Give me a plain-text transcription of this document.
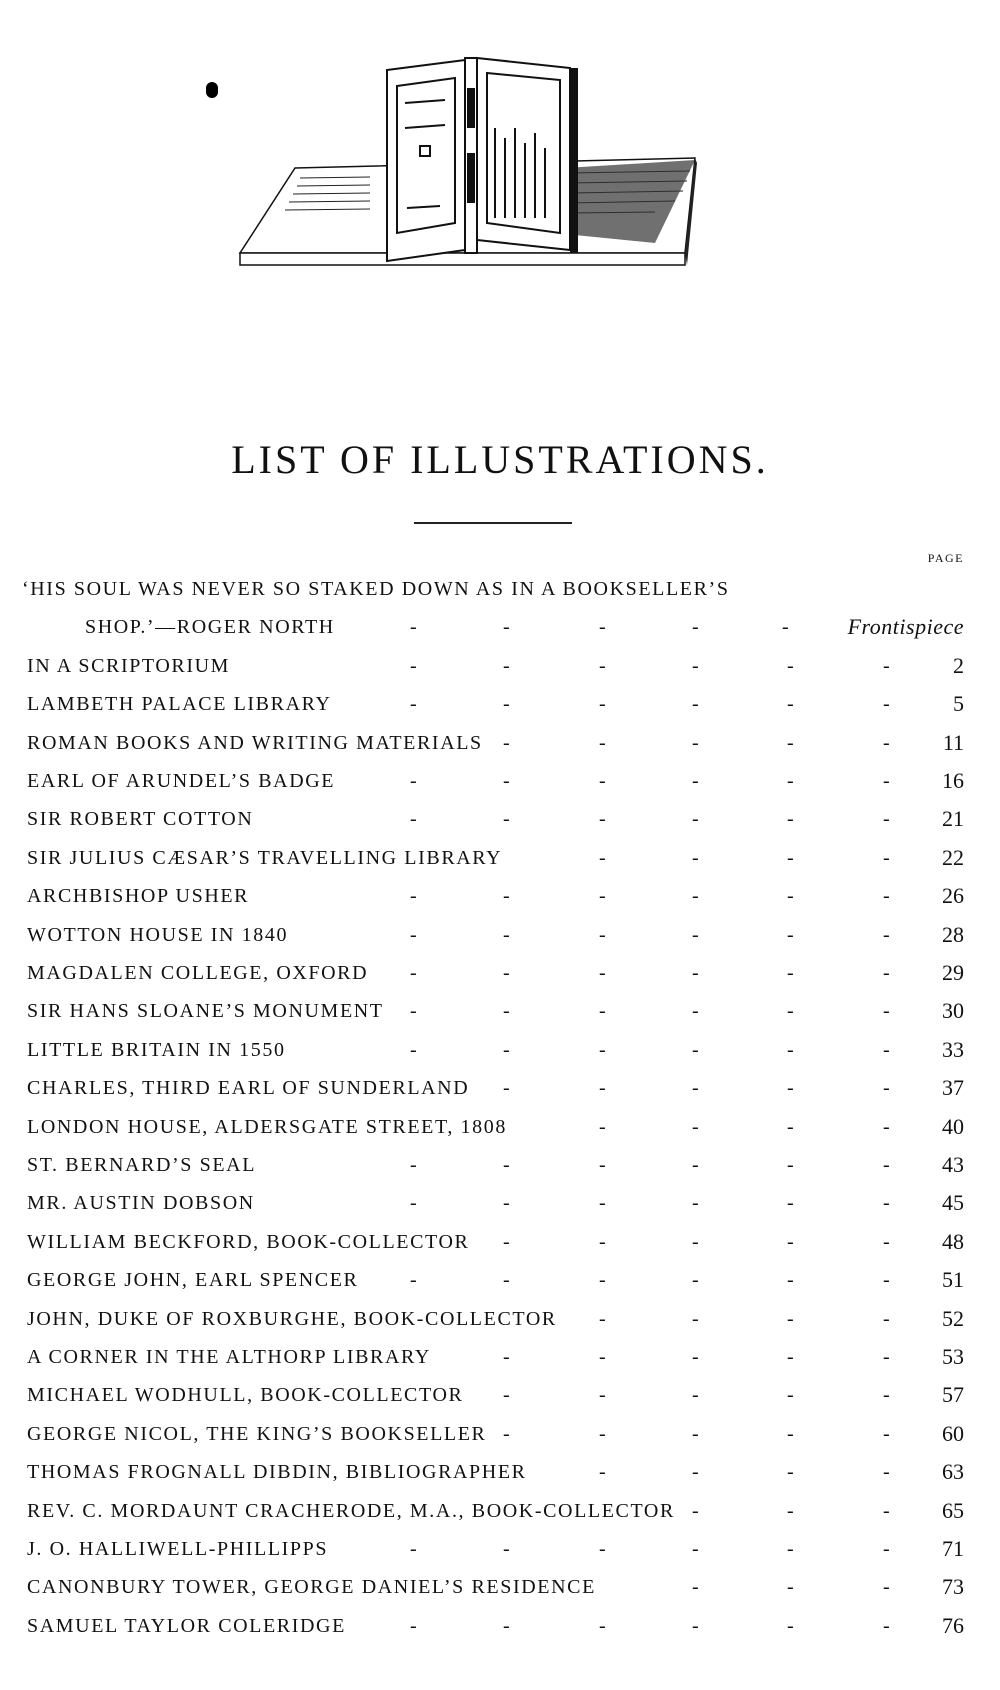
LIST OF ILLUSTRATIONS.
PAGE
‘HIS SOUL WAS NEVER SO STAKED DOWN AS IN A BOOKSELLER’S
SHOP.’—ROGER NORTH	Frontispiece
-	-	-	-	-
IN A SCRIPTORIUM	2
-	-	-	-	-	-
LAMBETH PALACE LIBRARY	5
-	-	-	-	-	-
ROMAN BOOKS AND WRITING MATERIALS	11
-	-	-	-	-
EARL OF ARUNDEL’S BADGE	16
-	-	-	-	-	-
SIR ROBERT COTTON	21
-	-	-	-	-	-
SIR JULIUS CÆSAR’S TRAVELLING LIBRARY	22
-	-	-	-
ARCHBISHOP USHER	26
-	-	-	-	-	-
WOTTON HOUSE IN 1840	28
-	-	-	-	-	-
MAGDALEN COLLEGE, OXFORD	29
-	-	-	-	-	-
SIR HANS SLOANE’S MONUMENT	30
-	-	-	-	-	-
LITTLE BRITAIN IN 1550	33
-	-	-	-	-	-
CHARLES, THIRD EARL OF SUNDERLAND	37
-	-	-	-	-
LONDON HOUSE, ALDERSGATE STREET, 1808	40
-	-	-	-
ST. BERNARD’S SEAL	43
-	-	-	-	-	-
MR. AUSTIN DOBSON	45
-	-	-	-	-	-
WILLIAM BECKFORD, BOOK-COLLECTOR	48
-	-	-	-	-
GEORGE JOHN, EARL SPENCER	51
-	-	-	-	-	-
JOHN, DUKE OF ROXBURGHE, BOOK-COLLECTOR	52
-	-	-	-
A CORNER IN THE ALTHORP LIBRARY	53
-	-	-	-	-
MICHAEL WODHULL, BOOK-COLLECTOR	57
-	-	-	-	-
GEORGE NICOL, THE KING’S BOOKSELLER	60
-	-	-	-	-
THOMAS FROGNALL DIBDIN, BIBLIOGRAPHER	63
-	-	-	-
REV. C. MORDAUNT CRACHERODE, M.A., BOOK-COLLECTOR	65
-	-	-
J. O. HALLIWELL-PHILLIPPS	71
-	-	-	-	-	-
CANONBURY TOWER, GEORGE DANIEL’S RESIDENCE	73
-	-	-
SAMUEL TAYLOR COLERIDGE	76
-	-	-	-	-	-
